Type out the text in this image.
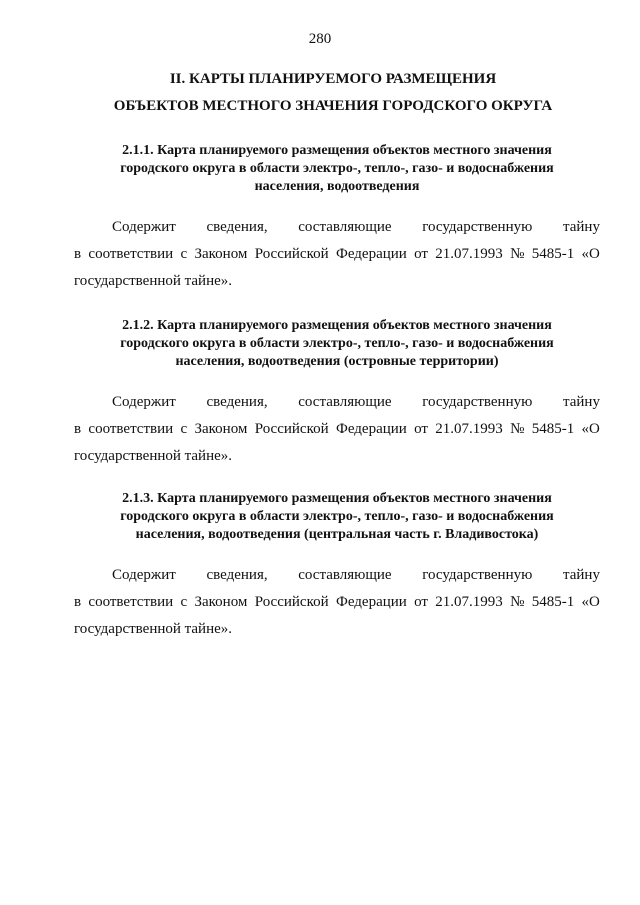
280
II. КАРТЫ ПЛАНИРУЕМОГО РАЗМЕЩЕНИЯ
ОБЪЕКТОВ МЕСТНОГО ЗНАЧЕНИЯ ГОРОДСКОГО ОКРУГА
2.1.1. Карта планируемого размещения объектов местного значения
городского округа в области электро-, тепло-, газо- и водоснабжения
населения, водоотведения
Содержит сведения, составляющие государственную тайну
в соответствии с Законом Российской Федерации от 21.07.1993 № 5485-1 «О
государственной тайне».
2.1.2. Карта планируемого размещения объектов местного значения
городского округа в области электро-, тепло-, газо- и водоснабжения
населения, водоотведения (островные территории)
Содержит сведения, составляющие государственную тайну
в соответствии с Законом Российской Федерации от 21.07.1993 № 5485-1 «О
государственной тайне».
2.1.3. Карта планируемого размещения объектов местного значения
городского округа в области электро-, тепло-, газо- и водоснабжения
населения, водоотведения (центральная часть г. Владивостока)
Содержит сведения, составляющие государственную тайну
в соответствии с Законом Российской Федерации от 21.07.1993 № 5485-1 «О
государственной тайне».
